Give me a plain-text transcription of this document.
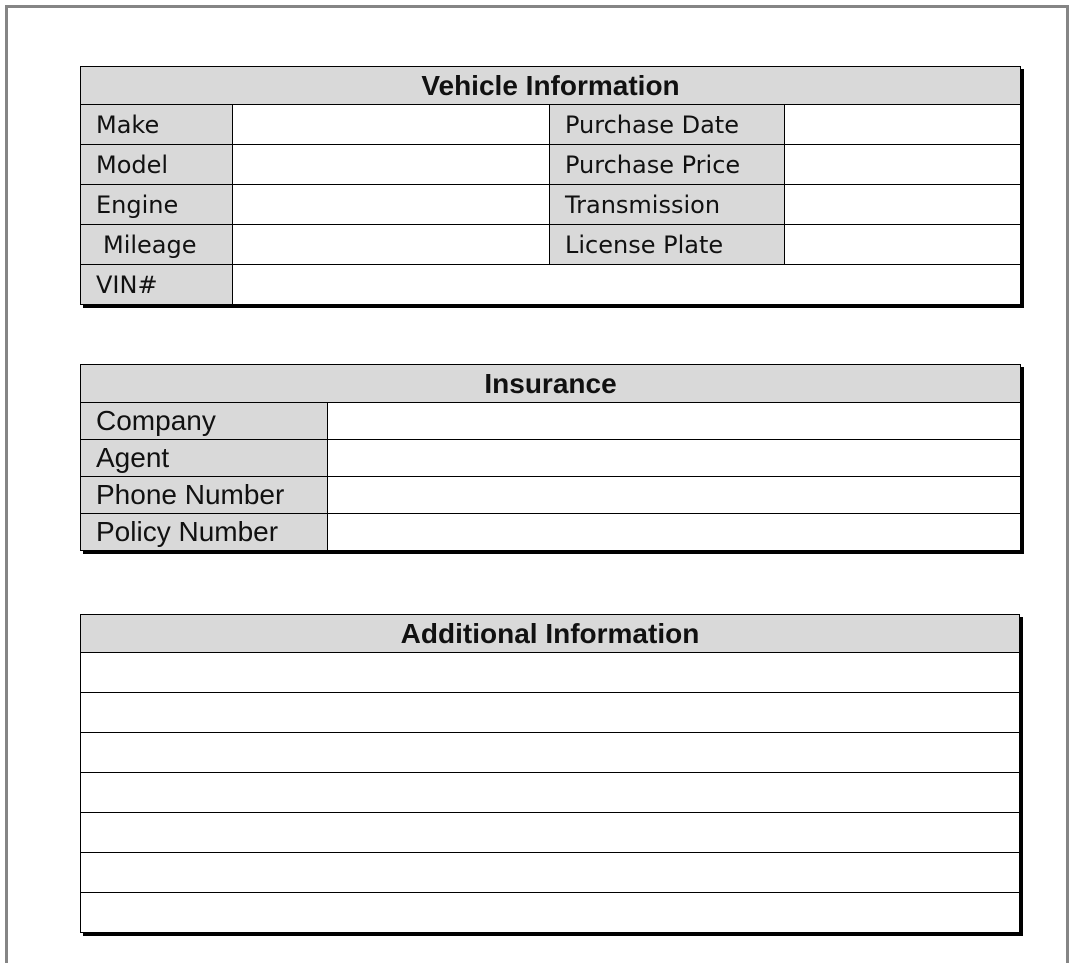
Vehicle Information			
Make		Purchase Date	
Model		Purchase Price	
Engine		Transmission	
Mileage		License Plate	
VIN#			
Insurance	
Company	
Agent	
Phone Number	
Policy Number	
Additional Information
